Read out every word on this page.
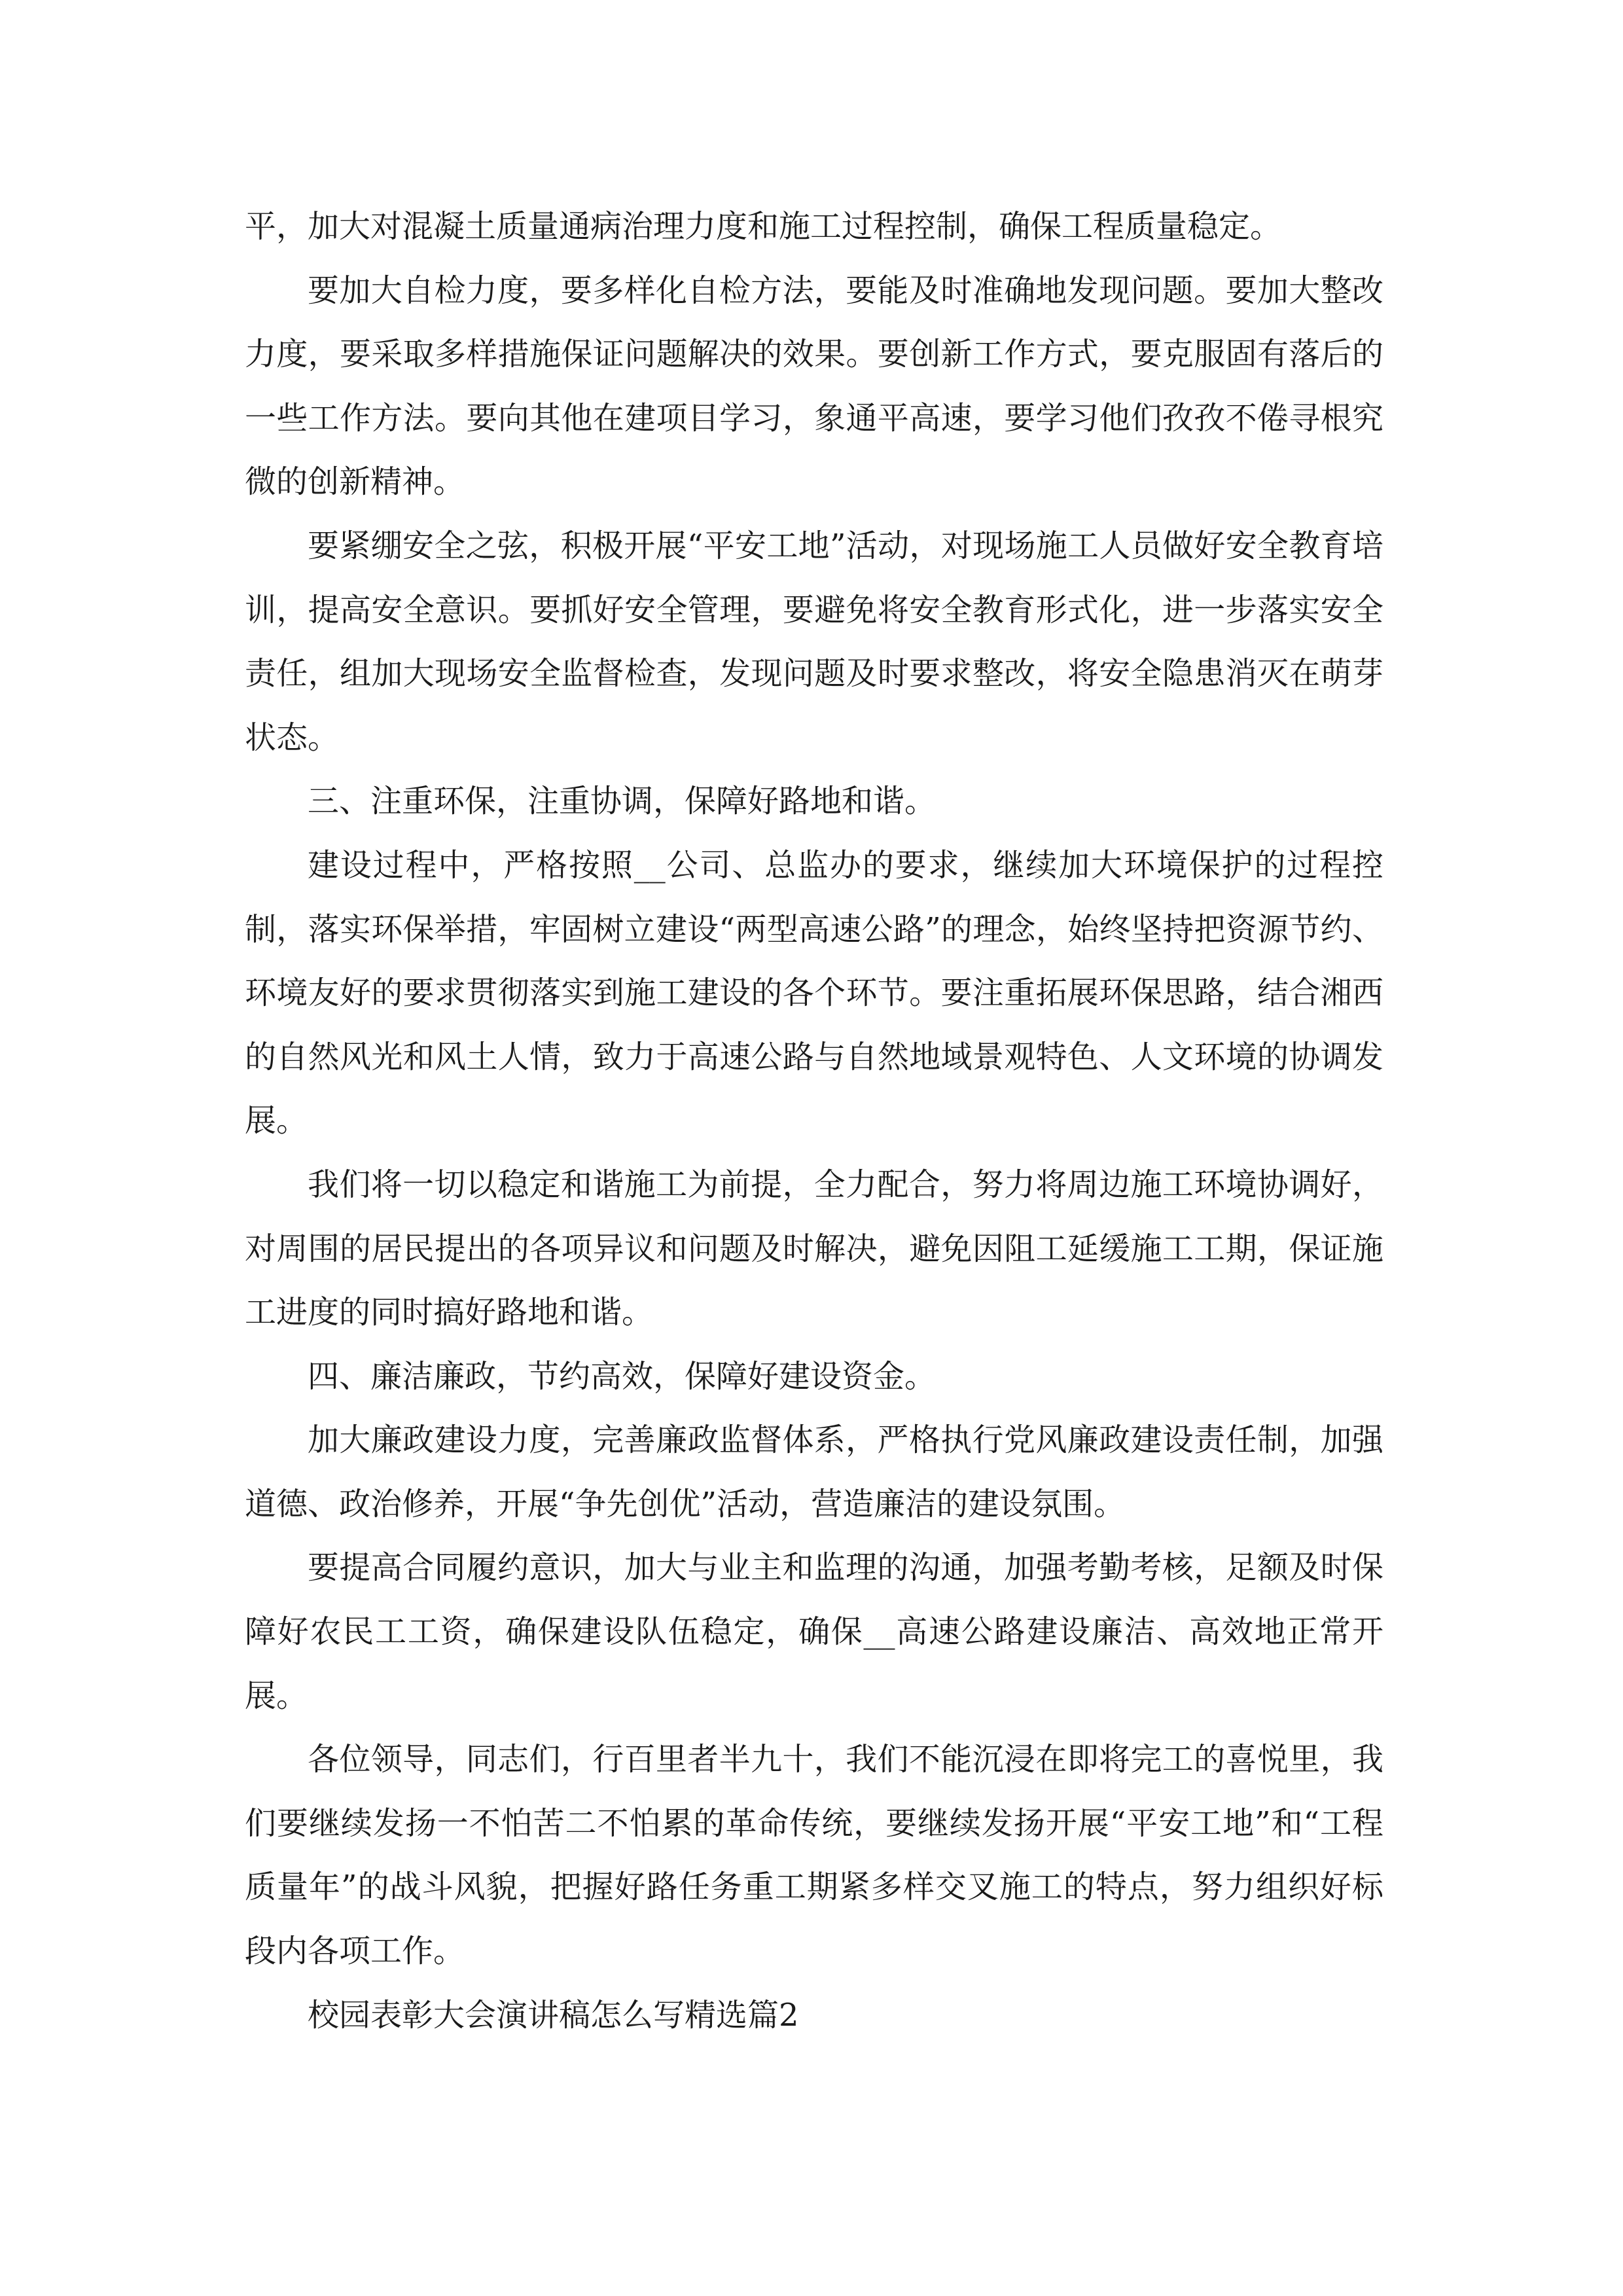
平，加大对混凝土质量通病治理力度和施工过程控制，确保工程质量稳定。

要加大自检力度，要多样化自检方法，要能及时准确地发现问题。要加大整改力度，要采取多样措施保证问题解决的效果。要创新工作方式，要克服固有落后的一些工作方法。要向其他在建项目学习，象通平高速，要学习他们孜孜不倦寻根究微的创新精神。

要紧绷安全之弦，积极开展“平安工地”活动，对现场施工人员做好安全教育培训，提高安全意识。要抓好安全管理，要避免将安全教育形式化，进一步落实安全责任，组加大现场安全监督检查，发现问题及时要求整改，将安全隐患消灭在萌芽状态。

三、注重环保，注重协调，保障好路地和谐。

建设过程中，严格按照__公司、总监办的要求，继续加大环境保护的过程控制，落实环保举措，牢固树立建设“两型高速公路”的理念，始终坚持把资源节约、环境友好的要求贯彻落实到施工建设的各个环节。要注重拓展环保思路，结合湘西的自然风光和风土人情，致力于高速公路与自然地域景观特色、人文环境的协调发展。

我们将一切以稳定和谐施工为前提，全力配合，努力将周边施工环境协调好，对周围的居民提出的各项异议和问题及时解决，避免因阻工延缓施工工期，保证施工进度的同时搞好路地和谐。

四、廉洁廉政，节约高效，保障好建设资金。

加大廉政建设力度，完善廉政监督体系，严格执行党风廉政建设责任制，加强道德、政治修养，开展“争先创优”活动，营造廉洁的建设氛围。

要提高合同履约意识，加大与业主和监理的沟通，加强考勤考核，足额及时保障好农民工工资，确保建设队伍稳定，确保__高速公路建设廉洁、高效地正常开展。

各位领导，同志们，行百里者半九十，我们不能沉浸在即将完工的喜悦里，我们要继续发扬一不怕苦二不怕累的革命传统，要继续发扬开展“平安工地”和“工程质量年”的战斗风貌，把握好路任务重工期紧多样交叉施工的特点，努力组织好标段内各项工作。

校园表彰大会演讲稿怎么写精选篇2
